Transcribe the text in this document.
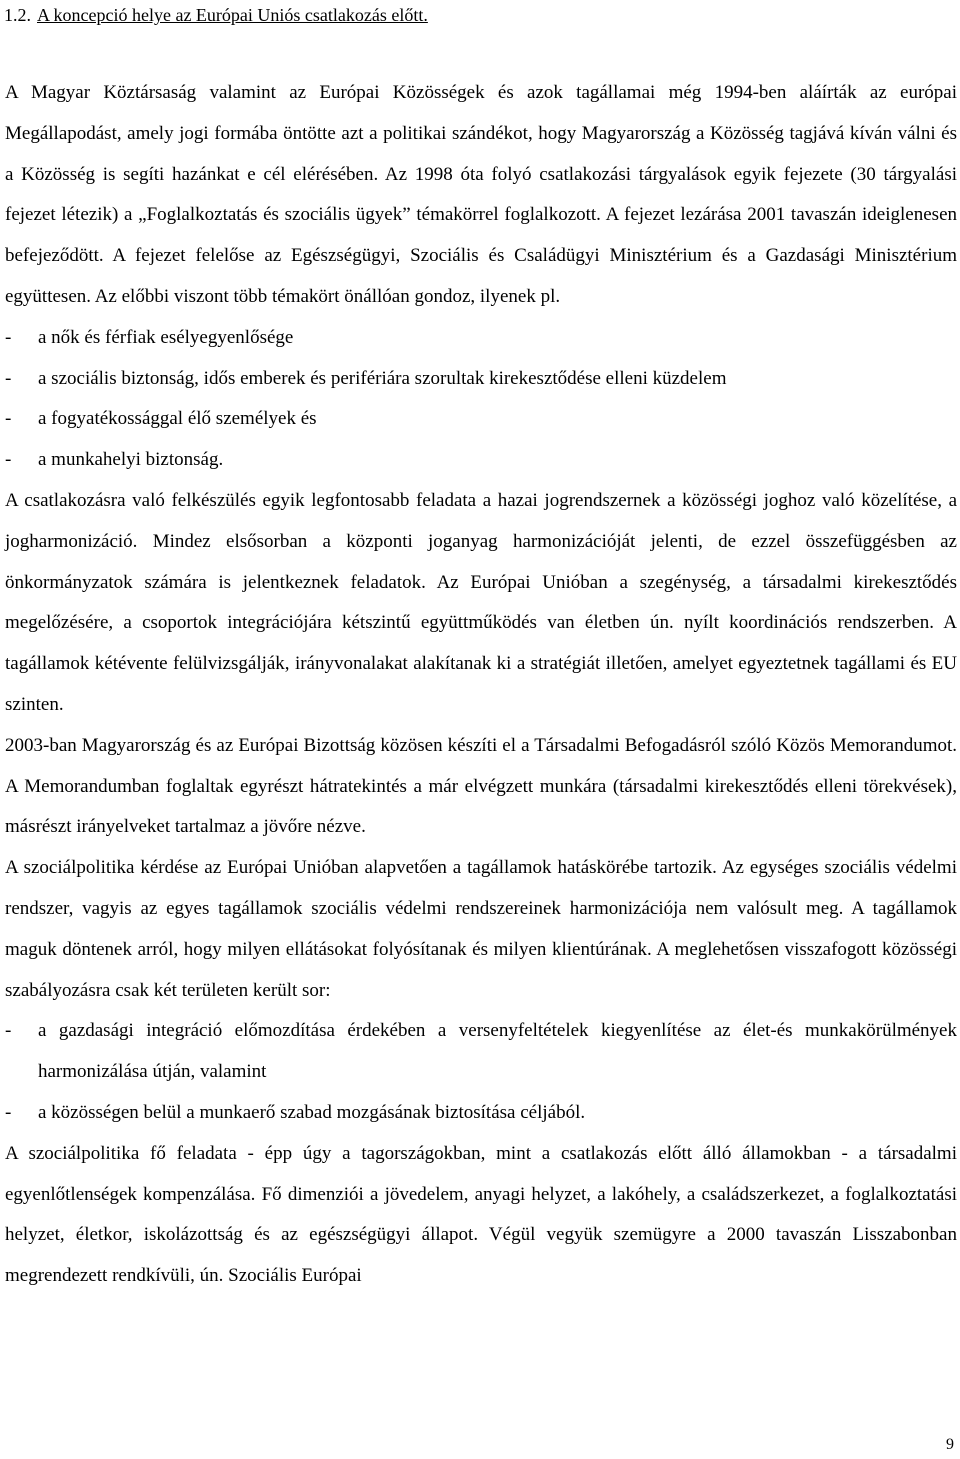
1.2. A koncepció helye az Európai Uniós csatlakozás előtt.

A Magyar Köztársaság valamint az Európai Közösségek és azok tagállamai még 1994-ben aláírták az európai Megállapodást, amely jogi formába öntötte azt a politikai szándékot, hogy Magyarország a Közösség tagjává kíván válni és a Közösség is segíti hazánkat e cél elérésében. Az 1998 óta folyó csatlakozási tárgyalások egyik fejezete (30 tárgyalási fejezet létezik) a „Foglalkoztatás és szociális ügyek” témakörrel foglalkozott. A fejezet lezárása 2001 tavaszán ideiglenesen befejeződött. A fejezet felelőse az Egészségügyi, Szociális és Családügyi Minisztérium és a Gazdasági Minisztérium együttesen. Az előbbi viszont több témakört önállóan gondoz, ilyenek pl.

- a nők és férfiak esélyegyenlősége
- a szociális biztonság, idős emberek és perifériára szorultak kirekesztődése elleni küzdelem
- a fogyatékossággal élő személyek és
- a munkahelyi biztonság.

A csatlakozásra való felkészülés egyik legfontosabb feladata a hazai jogrendszernek a közösségi joghoz való közelítése, a jogharmonizáció. Mindez elsősorban a központi joganyag harmonizációját jelenti, de ezzel összefüggésben az önkormányzatok számára is jelentkeznek feladatok. Az Európai Unióban a szegénység, a társadalmi kirekesztődés megelőzésére, a csoportok integrációjára kétszintű együttműködés van életben ún. nyílt koordinációs rendszerben. A tagállamok kétévente felülvizsgálják, irányvonalakat alakítanak ki a stratégiát illetően, amelyet egyeztetnek tagállami és EU szinten.

2003-ban Magyarország és az Európai Bizottság közösen készíti el a Társadalmi Befogadásról szóló Közös Memorandumot. A Memorandumban foglaltak egyrészt hátratekintés a már elvégzett munkára (társadalmi kirekesztődés elleni törekvések), másrészt irányelveket tartalmaz a jövőre nézve.

A szociálpolitika kérdése az Európai Unióban alapvetően a tagállamok hatáskörébe tartozik. Az egységes szociális védelmi rendszer, vagyis az egyes tagállamok szociális védelmi rendszereinek harmonizációja nem valósult meg. A tagállamok maguk döntenek arról, hogy milyen ellátásokat folyósítanak és milyen klientúrának. A meglehetősen visszafogott közösségi szabályozásra csak két területen került sor:

- a gazdasági integráció előmozdítása érdekében a versenyfeltételek kiegyenlítése az élet-és munkakörülmények harmonizálása útján, valamint
- a közösségen belül a munkaerő szabad mozgásának biztosítása céljából.

A szociálpolitika fő feladata - épp úgy a tagországokban, mint a csatlakozás előtt álló államokban - a társadalmi egyenlőtlenségek kompenzálása. Fő dimenziói a jövedelem, anyagi helyzet, a lakóhely, a családszerkezet, a foglalkoztatási helyzet, életkor, iskolázottság és az egészségügyi állapot. Végül vegyük szemügyre a 2000 tavaszán Lisszabonban megrendezett rendkívüli, ún. Szociális Európai

9
